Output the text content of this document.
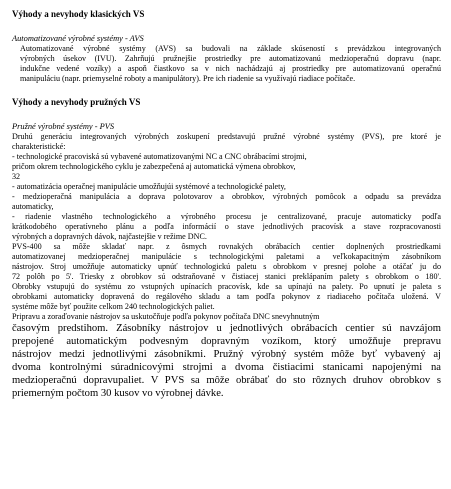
Výhody a nevyhody klasických VS
Automatizované výrobné systémy - AVS
Automatizované výrobné systémy (AVS) sa budovali na základe skúseností s prevádzkou integrovaných
výrobných úsekov (IVU). Zahrňujú pružnejšie prostriedky pre automatizovanú medzioperačnú dopravu (napr.
indukčne vedené vozíky) a aspoň čiastkovo sa v nich nachádzajú aj prostriedky pre automatizovanú operačnú
manipuláciu (napr. priemyselné roboty a manipulátory). Pre ich riadenie sa využívajú riadiace počítače.
Výhody a nevyhody pružných VS
Pružné výrobné systémy - PVS
Druhú generáciu integrovaných výrobných zoskupení predstavujú pružné výrobné systémy (PVS), pre ktoré je
charakteristické:
- technologické pracoviská sú vybavené automatizovanými NC a CNC obrábacími strojmi,
pričom okrem technologického cyklu je zabezpečená aj automatická výmena obrobkov,
32
- automatizácia operačnej manipulácie umožňujúi systémové a technologické palety,
- medzioperačná manipulácia a doprava polotovarov a obrobkov, výrobných pomôcok a odpadu sa prevádza
automaticky,
- riadenie vlastného technologického a výrobného procesu je centralizované, pracuje automaticky podľa
krátkodobého operatívneho plánu a podľa informácií o stave jednotlivých pracovísk a stave rozpracovanosti
výrobných a dopravných dávok, najčastejšie v režime DNC.
PVS-400 sa môže skladať napr. z ôsmych rovnakých obrábacích centier doplnených prostriedkami
automatizovanej medzioperačnej manipulácie s technologickými paletami a veľkokapacitným zásobníkom
nástrojov. Stroj umožňuje automaticky upnúť technologickú paletu s obrobkom v presnej polohe a otáčať ju do
72 polôh po 5'. Triesky z obrobkov sú odstraňované v čistiacej stanici preklápaním palety s obrobkom o 180'.
Obrobky vstupujú do systému zo vstupných upínacích pracovísk, kde sa upínajú na palety. Po upnutí je paleta s
obrobkami automaticky dopravená do regálového skladu a tam podľa pokynov z riadiaceho počítača uložená. V
systéme môže byť použite celkom 240 technologických paliet.
Pripravu a zoraďovanie nástrojov sa uskutočňuje podľa pokynov počítača DNC snevyhnutným
časovým predstihom. Zásobníky nástrojov u jednotlivých obrábacích centier sú navzájom
prepojené automatickým podvesným dopravným vozíkom, ktorý umožňuje prepravu
nástrojov medzi jednotlivými zásobníkmi. Pružný výrobný systém môže byť vybavený aj
dvoma kontrolnými súradnicovými strojmi a dvoma čistiacimi stanicami napojenými na
medzioperačnú dopravupaliet. V PVS sa môže obrábať do sto rôznych druhov obrobkov s
priemerným počtom 30 kusov vo výrobnej dávke.
